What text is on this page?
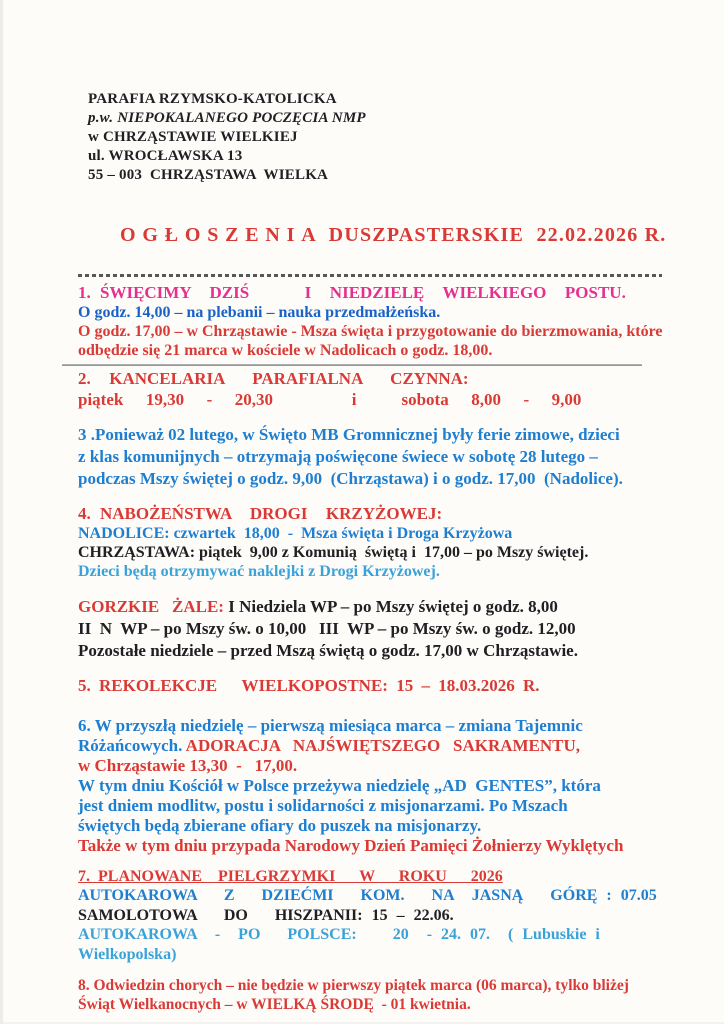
PARAFIA RZYMSKO-KATOLICKA
p.w. NIEPOKALANEGO POCZĘCIA NMP
w CHRZĄSTAWIE WIELKIEJ
ul. WROCŁAWSKA 13
55 – 003  CHRZĄSTAWA  WIELKA

OGŁOSZENIA DUSZPASTERSKIE  22.02.2026 R.

1. ŚWIĘCIMY  DZIŚ      I  NIEDZIELĘ  WIELKIEGO  POSTU.
O godz. 14,00 – na plebanii – nauka przedmałżeńska.
O godz. 17,00 – w Chrząstawie - Msza święta i przygotowanie do bierzmowania, które
odbędzie się 21 marca w kościele w Nadolicach o godz. 18,00.
2.  KANCELARIA   PARAFIALNA   CZYNNA:
piątek  19,30  -  20,30       i    sobota  8,00  -  9,00
3 .Ponieważ 02 lutego, w Święto MB Gromnicznej były ferie zimowe, dzieci
z klas komunijnych – otrzymają poświęcone świece w sobotę 28 lutego –
podczas Mszy świętej o godz. 9,00  (Chrząstawa) i o godz. 17,00  (Nadolice).
4. NABOŻEŃSTWA  DROGI  KRZYŻOWEJ:
NADOLICE: czwartek  18,00  -  Msza święta i Droga Krzyżowa
CHRZĄSTAWA: piątek  9,00 z Komunią  świętą i  17,00 – po Mszy świętej.
Dzieci będą otrzymywać naklejki z Drogi Krzyżowej.
GORZKIE   ŻALE: I Niedziela WP – po Mszy świętej o godz. 8,00
II  N  WP – po Mszy św. o 10,00   III  WP – po Mszy św. o godz. 12,00
Pozostałe niedziele – przed Mszą świętą o godz. 17,00 w Chrząstawie.
5. REKOLEKCJE   WIELKOPOSTNE: 15 – 18.03.2026 R.
6. W przyszłą niedzielę – pierwszą miesiąca marca – zmiana Tajemnic
Różańcowych. ADORACJA   NAJŚWIĘTSZEGO   SAKRAMENTU,
w Chrząstawie 13,30  -   17,00.
W tym dniu Kościół w Polsce przeżywa niedzielę „AD  GENTES”, która
jest dniem modlitw, postu i solidarności z misjonarzami. Po Mszach
świętych będą zbierane ofiary do puszek na misjonarzy.
Także w tym dniu przypada Narodowy Dzień Pamięci Żołnierzy Wyklętych
7. PLANOWANE  PIELGRZYMKI   W   ROKU   2026
AUTOKAROWA   Z   DZIEĆMI   KOM.   NA  JASNĄ   GÓRĘ : 07.05
SAMOLOTOWA   DO   HISZPANII: 15 – 22.06.
AUTOKAROWA  -  PO   POLSCE:    20  - 24. 07.  ( Lubuskie i Wielkopolska)
8. Odwiedzin chorych – nie będzie w pierwszy piątek marca (06 marca), tylko bliżej
Świąt Wielkanocnych – w WIELKĄ ŚRODĘ  - 01 kwietnia.
